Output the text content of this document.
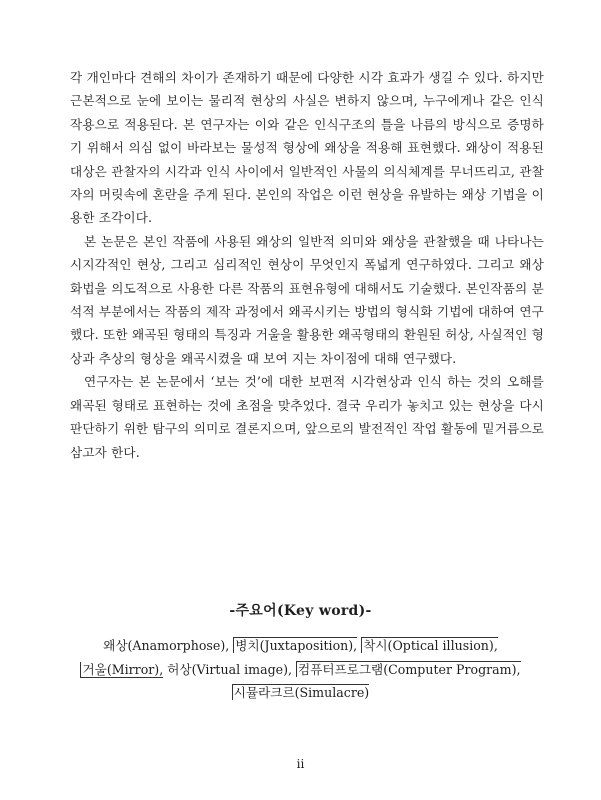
각 개인마다 견해의 차이가 존재하기 때문에 다양한 시각 효과가 생길 수 있다. 하지만 근본적으로 눈에 보이는 물리적 현상의 사실은 변하지 않으며, 누구에게나 같은 인식작용으로 적용된다. 본 연구자는 이와 같은 인식구조의 틀을 나름의 방식으로 증명하기 위해서 의심 없이 바라보는 물성적 형상에 왜상을 적용해 표현했다. 왜상이 적용된 대상은 관찰자의 시각과 인식 사이에서 일반적인 사물의 의식체계를 무너뜨리고, 관찰자의 머릿속에 혼란을 주게 된다. 본인의 작업은 이런 현상을 유발하는 왜상 기법을 이용한 조각이다.

본 논문은 본인 작품에 사용된 왜상의 일반적 의미와 왜상을 관찰했을 때 나타나는 시지각적인 현상, 그리고 심리적인 현상이 무엇인지 폭넓게 연구하였다. 그리고 왜상화법을 의도적으로 사용한 다른 작품의 표현유형에 대해서도 기술했다. 본인작품의 분석적 부분에서는 작품의 제작 과정에서 왜곡시키는 방법의 형식화 기법에 대하여 연구했다. 또한 왜곡된 형태의 특징과 거울을 활용한 왜곡형태의 환원된 허상, 사실적인 형상과 추상의 형상을 왜곡시켰을 때 보여 지는 차이점에 대해 연구했다.

연구자는 본 논문에서 ‘보는 것’에 대한 보편적 시각현상과 인식 하는 것의 오해를 왜곡된 형태로 표현하는 것에 초점을 맞추었다. 결국 우리가 놓치고 있는 현상을 다시 판단하기 위한 탐구의 의미로 결론지으며, 앞으로의 발전적인 작업 활동에 밑거름으로 삼고자 한다.

-주요어(Key word)-
왜상(Anamorphose), 병치(Juxtaposition), 착시(Optical illusion),
거울(Mirror), 허상(Virtual image), 컴퓨터프로그램(Computer Program),
시뮬라크르(Simulacre)
ii
